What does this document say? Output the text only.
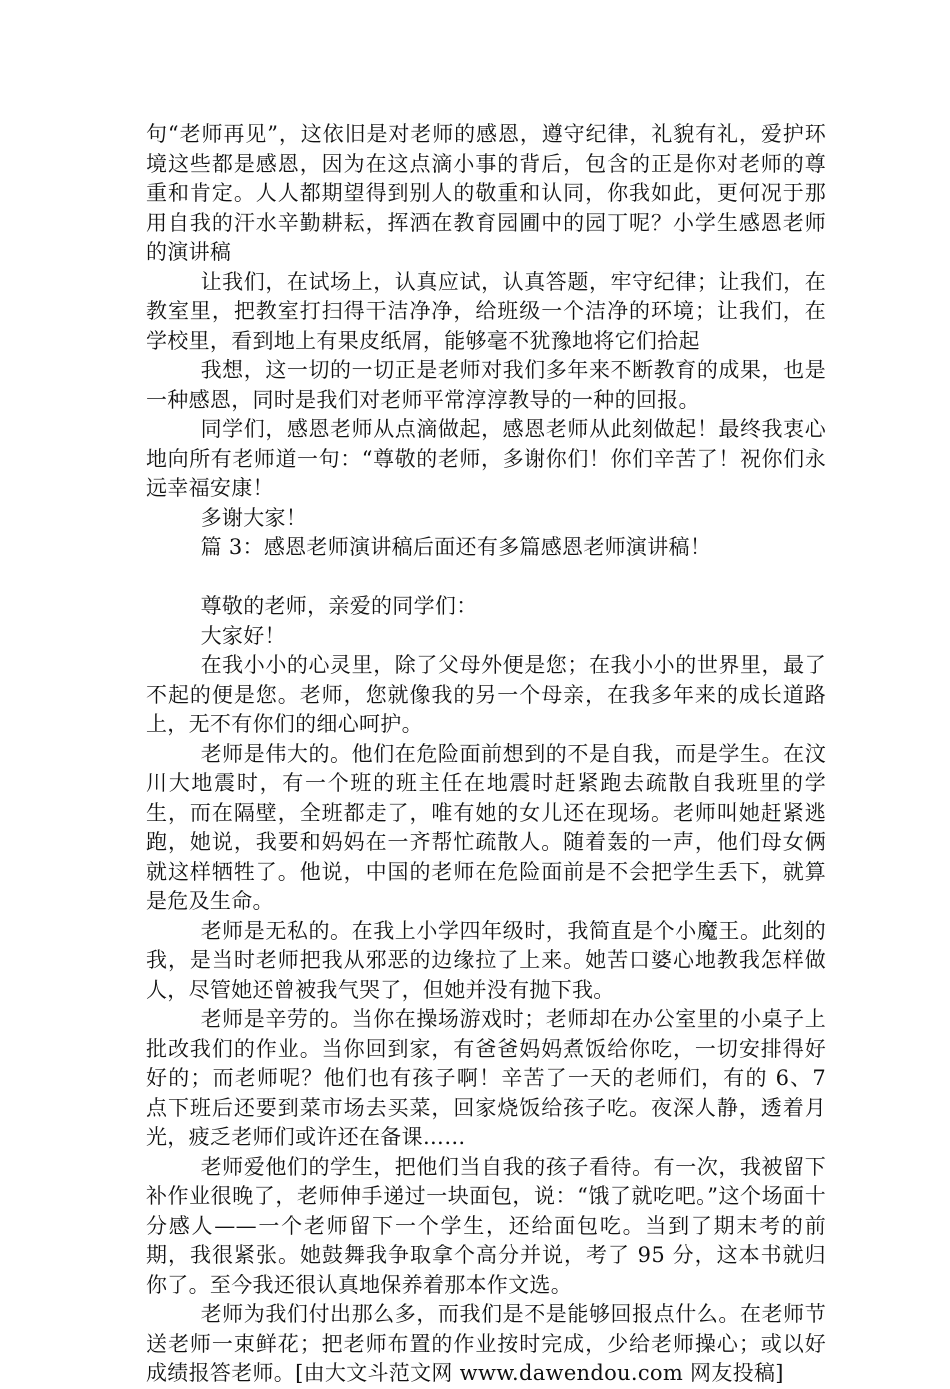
句“老师再见”，这依旧是对老师的感恩，遵守纪律，礼貌有礼，爱护环境这些都是感恩，因为在这点滴小事的背后，包含的正是你对老师的尊重和肯定。人人都期望得到别人的敬重和认同，你我如此，更何况于那用自我的汗水辛勤耕耘，挥洒在教育园圃中的园丁呢？小学生感恩老师的演讲稿

让我们，在试场上，认真应试，认真答题，牢守纪律；让我们，在教室里，把教室打扫得干洁净净，给班级一个洁净的环境；让我们，在学校里，看到地上有果皮纸屑，能够毫不犹豫地将它们拾起

我想，这一切的一切正是老师对我们多年来不断教育的成果，也是一种感恩，同时是我们对老师平常淳淳教导的一种的回报。

同学们，感恩老师从点滴做起，感恩老师从此刻做起！最终我衷心地向所有老师道一句：“尊敬的老师，多谢你们！你们辛苦了！祝你们永远幸福安康！

多谢大家！

篇 3：感恩老师演讲稿后面还有多篇感恩老师演讲稿！

尊敬的老师，亲爱的同学们：

大家好！

在我小小的心灵里，除了父母外便是您；在我小小的世界里，最了不起的便是您。老师，您就像我的另一个母亲，在我多年来的成长道路上，无不有你们的细心呵护。

老师是伟大的。他们在危险面前想到的不是自我，而是学生。在汶川大地震时，有一个班的班主任在地震时赶紧跑去疏散自我班里的学生，而在隔壁，全班都走了，唯有她的女儿还在现场。老师叫她赶紧逃跑，她说，我要和妈妈在一齐帮忙疏散人。随着轰的一声，他们母女俩就这样牺牲了。他说，中国的老师在危险面前是不会把学生丢下，就算是危及生命。

老师是无私的。在我上小学四年级时，我简直是个小魔王。此刻的我，是当时老师把我从邪恶的边缘拉了上来。她苦口婆心地教我怎样做人，尽管她还曾被我气哭了，但她并没有抛下我。

老师是辛劳的。当你在操场游戏时；老师却在办公室里的小桌子上批改我们的作业。当你回到家，有爸爸妈妈煮饭给你吃，一切安排得好好的；而老师呢？他们也有孩子啊！辛苦了一天的老师们，有的 6、7 点下班后还要到菜市场去买菜，回家烧饭给孩子吃。夜深人静，透着月光，疲乏老师们或许还在备课……

老师爱他们的学生，把他们当自我的孩子看待。有一次，我被留下补作业很晚了，老师伸手递过一块面包，说：“饿了就吃吧。”这个场面十分感人——一个老师留下一个学生，还给面包吃。当到了期末考的前期，我很紧张。她鼓舞我争取拿个高分并说，考了 95 分，这本书就归你了。至今我还很认真地保养着那本作文选。

老师为我们付出那么多，而我们是不是能够回报点什么。在老师节送老师一束鲜花；把老师布置的作业按时完成，少给老师操心；或以好成绩报答老师。[由大文斗范文网 www.dawendou.com 网友投稿]
